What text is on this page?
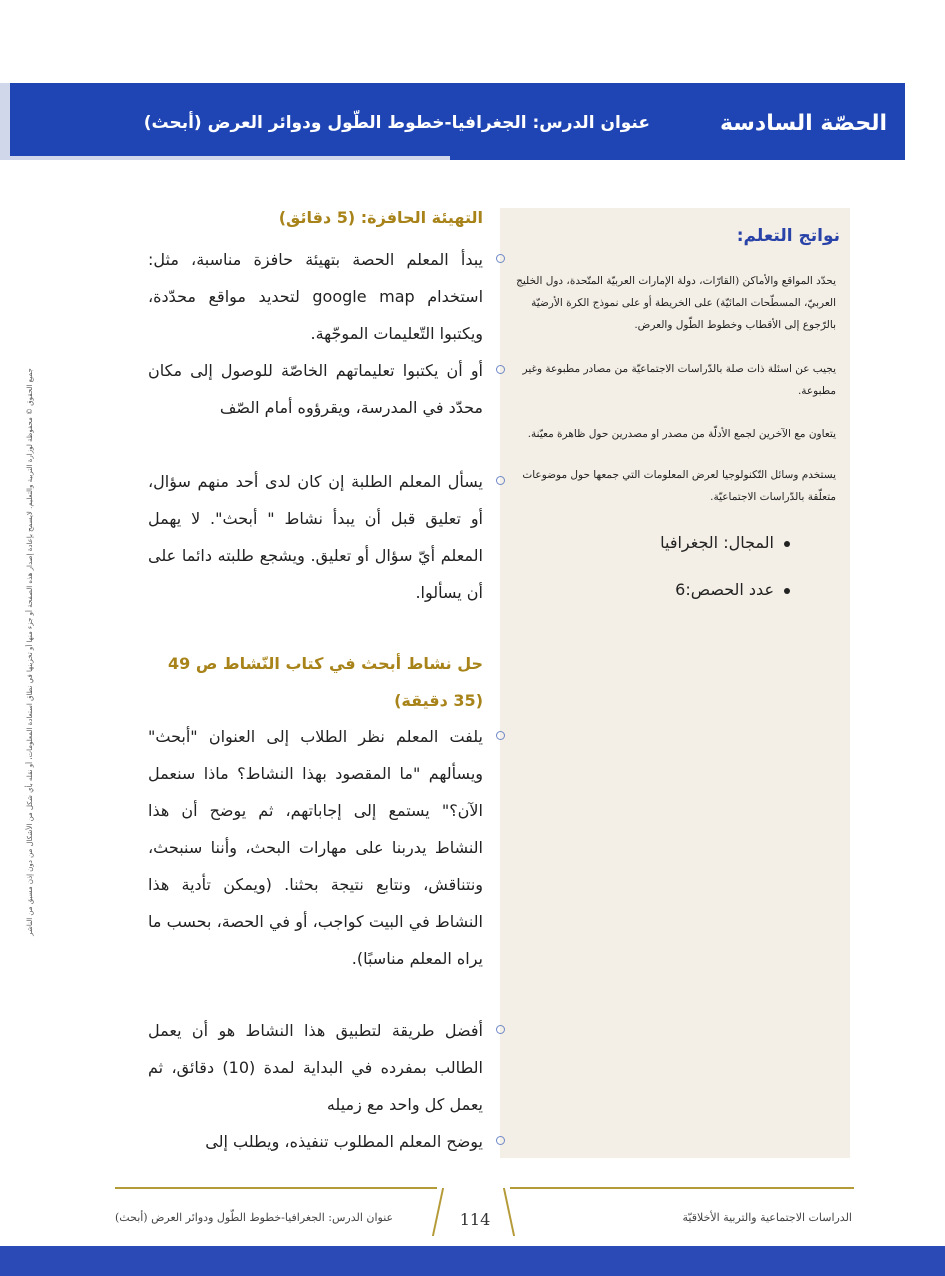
الحصّة السادسة
عنوان الدرس: الجغرافيا-خطوط الطّول ودوائر العرض (أبحث)
نواتج التعلم:
يحدّد المواقع والأماكن (القارّات، دولة الإمارات العربيّة المتّحدة، دول الخليج العربيّ، المسطّحات المائيّة) على الخريطة أو على نموذج الكرة الأرضيّة بالرّجوع إلى الأقطاب وخطوط الطّول والعرض.
يجيب عن اسئلة ذات صلة بالدّراسات الاجتماعيّة من مصادر مطبوعة وغير مطبوعة.
يتعاون مع الآخرين لجمع الأدلّة من مصدر او مصدرين حول ظاهرة معيّنة.
يستخدم وسائل التّكنولوجيا لعرض المعلومات التي جمعها حول موضوعات متعلّقة بالدّراسات الاجتماعيّة.
المجال: الجغرافيا
عدد الحصص:6
التهيئة الحافزة: (5 دقائق)
يبدأ المعلم الحصة بتهيئة حافزة مناسبة، مثل: استخدام google map لتحديد مواقع محدّدة، ويكتبوا التّعليمات الموجّهة.
أو أن يكتبوا تعليماتهم الخاصّة للوصول إلى مكان محدّد في المدرسة، ويقرؤوه أمام الصّف
يسأل المعلم الطلبة إن كان لدى أحد منهم سؤال، أو تعليق قبل أن يبدأ نشاط " أبحث". لا يهمل المعلم أيّ سؤال أو تعليق. ويشجع طلبته دائما على أن يسألوا.
حل نشاط أبحث في كتاب النّشاط ص 49 (35 دقيقة)
يلفت المعلم نظر الطلاب إلى العنوان "أبحث" ويسألهم "ما المقصود بهذا النشاط؟ ماذا سنعمل الآن؟" يستمع إلى إجاباتهم، ثم يوضح أن هذا النشاط يدربنا على مهارات البحث، وأننا سنبحث، ونتناقش، ونتابع نتيجة بحثنا. (ويمكن تأدية هذا النشاط في البيت كواجب، أو في الحصة، بحسب ما يراه المعلم مناسبًا).
أفضل طريقة لتطبيق هذا النشاط هو أن يعمل الطالب بمفرده في البداية لمدة (10) دقائق، ثم يعمل كل واحد مع زميله
يوضح المعلم المطلوب تنفيذه، ويطلب إلى
جميع الحقوق © محفوظة لوزارة التربية والتعليم. لايسمح بإعادة إصدار هذه الصفحة أو جزء منها أو تخزينها في نطاق استعادة المعلومات، أو نقله بأي شكل من الأشكال من دون إذن مسبق من الناشر
114	الدراسات الاجتماعية والتربية الأخلاقيّة
عنوان الدرس: الجغرافيا-خطوط الطّول ودوائر العرض (أبحث)
